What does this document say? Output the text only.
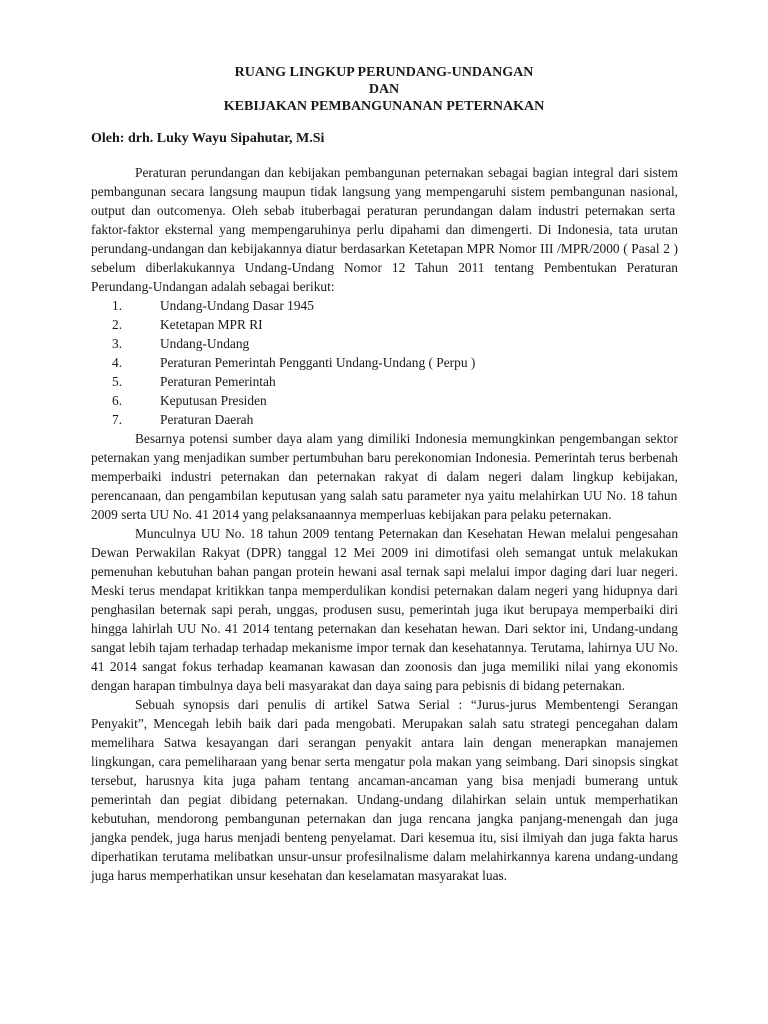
RUANG LINGKUP PERUNDANG-UNDANGAN
DAN
KEBIJAKAN PEMBANGUNANAN PETERNAKAN
Oleh: drh. Luky Wayu Sipahutar, M.Si
Peraturan perundangan dan kebijakan pembangunan peternakan sebagai bagian integral dari sistem
pembangunan secara langsung maupun tidak langsung yang mempengaruhi sistem pembangunan nasional,
output dan outcomenya. Oleh sebab ituberbagai peraturan perundangan dalam industri peternakan serta
faktor-faktor eksternal yang mempengaruhinya perlu dipahami dan dimengerti. Di Indonesia, tata urutan
perundang-undangan dan kebijakannya diatur berdasarkan Ketetapan MPR Nomor III /MPR/2000 ( Pasal 2 )
sebelum diberlakukannya Undang-Undang Nomor 12 Tahun 2011 tentang Pembentukan Peraturan
Perundang-Undangan adalah sebagai berikut:
1.	Undang-Undang Dasar 1945
2.	Ketetapan MPR RI
3.	Undang-Undang
4.	Peraturan Pemerintah Pengganti Undang-Undang ( Perpu )
5.	Peraturan Pemerintah
6.	Keputusan Presiden
7.	Peraturan Daerah
Besarnya potensi sumber daya alam yang dimiliki Indonesia memungkinkan pengembangan sektor
peternakan yang menjadikan sumber pertumbuhan baru perekonomian Indonesia. Pemerintah terus berbenah
memperbaiki industri peternakan dan peternakan rakyat di dalam negeri dalam lingkup kebijakan,
perencanaan, dan pengambilan keputusan yang salah satu parameter nya yaitu melahirkan UU No. 18 tahun
2009 serta UU No. 41 2014 yang pelaksanaannya memperluas kebijakan para pelaku peternakan.
Munculnya UU No. 18 tahun 2009 tentang Peternakan dan Kesehatan Hewan melalui pengesahan
Dewan Perwakilan Rakyat (DPR) tanggal 12 Mei 2009 ini dimotifasi oleh semangat untuk melakukan
pemenuhan kebutuhan bahan pangan protein hewani asal ternak sapi melalui impor daging dari luar negeri.
Meski terus mendapat kritikkan tanpa memperdulikan kondisi peternakan dalam negeri yang hidupnya dari
penghasilan beternak sapi perah, unggas, produsen susu, pemerintah juga ikut berupaya memperbaiki diri
hingga lahirlah UU No. 41 2014 tentang peternakan dan kesehatan hewan. Dari sektor ini, Undang-undang
sangat lebih tajam terhadap terhadap mekanisme impor ternak dan kesehatannya. Terutama, lahirnya UU No.
41 2014 sangat fokus terhadap keamanan kawasan dan zoonosis dan juga memiliki nilai yang ekonomis
dengan harapan timbulnya daya beli masyarakat dan daya saing para pebisnis di bidang peternakan.
Sebuah synopsis dari penulis di artikel Satwa Serial : “Jurus-jurus Membentengi Serangan
Penyakit”, Mencegah lebih baik dari pada mengobati. Merupakan salah satu strategi pencegahan dalam
memelihara Satwa kesayangan dari serangan penyakit antara lain dengan menerapkan manajemen
lingkungan, cara pemeliharaan yang benar serta mengatur pola makan yang seimbang. Dari sinopsis singkat
tersebut, harusnya kita juga paham tentang ancaman-ancaman yang bisa menjadi bumerang untuk
pemerintah dan pegiat dibidang peternakan. Undang-undang dilahirkan selain untuk memperhatikan
kebutuhan, mendorong pembangunan peternakan dan juga rencana jangka panjang-menengah dan juga
jangka pendek, juga harus menjadi benteng penyelamat. Dari kesemua itu, sisi ilmiyah dan juga fakta harus
diperhatikan terutama melibatkan unsur-unsur profesilnalisme dalam melahirkannya karena undang-undang
juga harus memperhatikan unsur kesehatan dan keselamatan masyarakat luas.
